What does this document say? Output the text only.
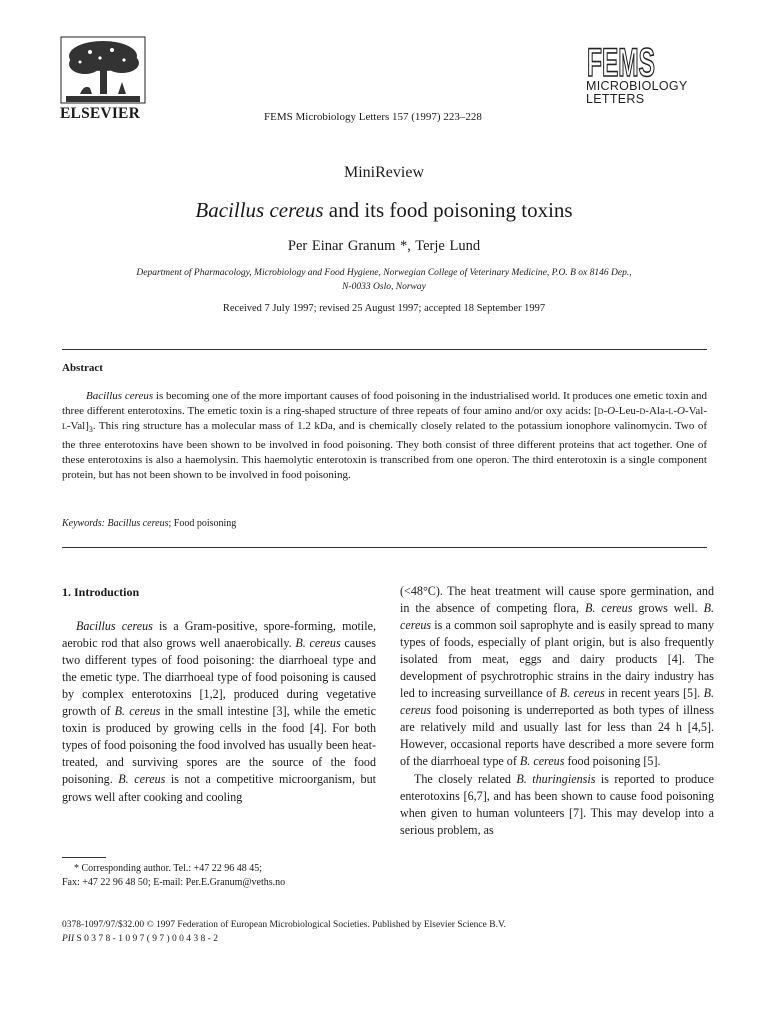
ELSEVIER	FEMS Microbiology Letters 157 (1997) 223–228
FEMS
MICROBIOLOGY
LETTERS
MiniReview
Bacillus cereus and its food poisoning toxins
Per Einar Granum *, Terje Lund
Department of Pharmacology, Microbiology and Food Hygiene, Norwegian College of Veterinary Medicine, P.O. B ox 8146 Dep.,
N-0033 Oslo, Norway
Received 7 July 1997; revised 25 August 1997; accepted 18 September 1997
Abstract
Bacillus cereus is becoming one of the more important causes of food poisoning in the industrialised world. It produces one emetic toxin and three different enterotoxins. The emetic toxin is a ring-shaped structure of three repeats of four amino and/or oxy acids: $[d-O-Leu-d-Ala-l-O-Val-l-Val]_3$. This ring structure has a molecular mass of 1.2 kDa, and is chemically closely related to the potassium ionophore valinomycin. Two of the three enterotoxins have been shown to be involved in food poisoning. They both consist of three different proteins that act together. One of these enterotoxins is also a haemolysin. This haemolytic enterotoxin is transcribed from one operon. The third enterotoxin is a single component protein, but has not been shown to be involved in food poisoning.
Keywords: Bacillus cereus; Food poisoning
1. Introduction

Bacillus cereus is a Gram-positive, spore-forming, motile, aerobic rod that also grows well anaerobically. B. cereus causes two different types of food poisoning: the diarrhoeal type and the emetic type. The diarrhoeal type of food poisoning is caused by complex enterotoxins [1,2], produced during vegetative growth of B. cereus in the small intestine [3], while the emetic toxin is produced by growing cells in the food [4]. For both types of food poisoning the food involved has usually been heat-treated, and surviving spores are the source of the food poisoning. B. cereus is not a competitive microorganism, but grows well after cooking and cooling

(<48°C). The heat treatment will cause spore germination, and in the absence of competing flora, B. cereus grows well. B. cereus is a common soil saprophyte and is easily spread to many types of foods, especially of plant origin, but is also frequently isolated from meat, eggs and dairy products [4]. The development of psychrotrophic strains in the dairy industry has led to increasing surveillance of B. cereus in recent years [5]. B. cereus food poisoning is underreported as both types of illness are relatively mild and usually last for less than 24 h [4,5]. However, occasional reports have described a more severe form of the diarrhoeal type of B. cereus food poisoning [5].

The closely related B. thuringiensis is reported to produce enterotoxins [6,7], and has been shown to cause food poisoning when given to human volunteers [7]. This may develop into a serious problem, as

* Corresponding author. Tel.: +47 22 96 48 45;
Fax: +47 22 96 48 50; E-mail: Per.E.Granum@veths.no
0378-1097/97/$32.00 © 1997 Federation of European Microbiological Societies. Published by Elsevier Science B.V.
PII S 0 3 7 8 - 1 0 9 7 ( 9 7 ) 0 0 4 3 8 - 2
